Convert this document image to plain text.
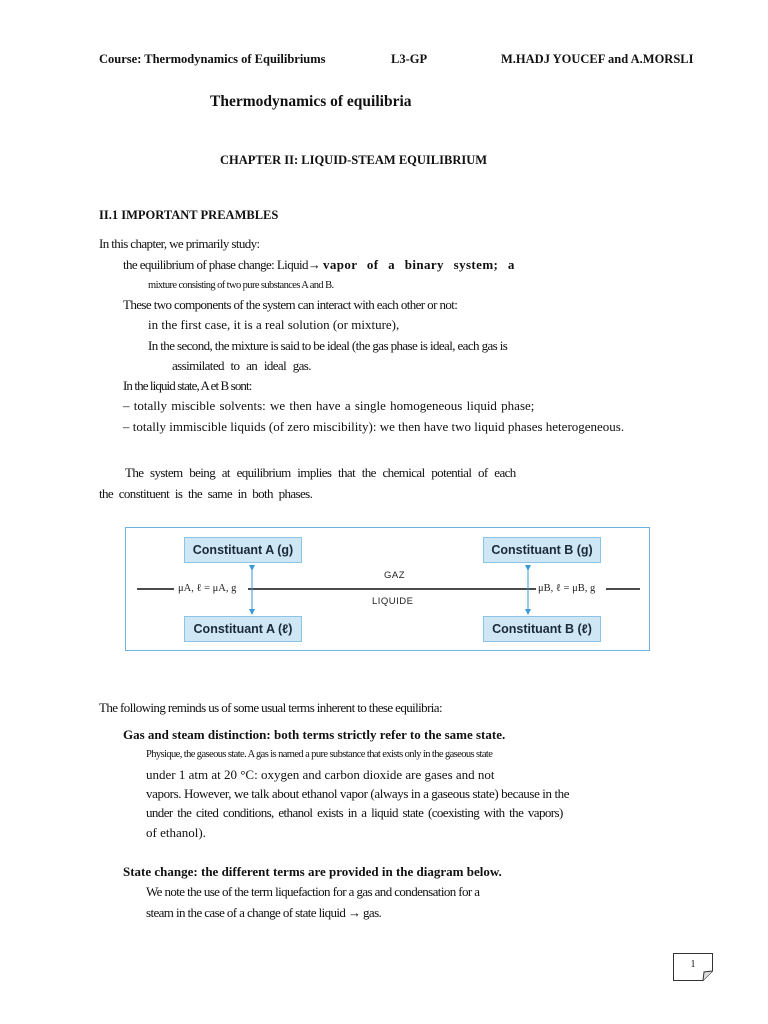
Course: Thermodynamics of Equilibriums	L3-GP	M.HADJ YOUCEF and A.MORSLI
Thermodynamics of equilibria
CHAPTER II: LIQUID-STEAM EQUILIBRIUM
II.1 IMPORTANT PREAMBLES
In this chapter, we primarily study:
the equilibrium of phase change: Liquid→ vapor of a binary system; a
mixture consisting of two pure substances A and B.
These two components of the system can interact with each other or not:
in the first case, it is a real solution (or mixture),
In the second, the mixture is said to be ideal (the gas phase is ideal, each gas is
assimilated to an ideal gas.
In the liquid state, A et B sont:
– totally miscible solvents: we then have a single homogeneous liquid phase;
– totally immiscible liquids (of zero miscibility): we then have two liquid phases heterogeneous.
The system being at equilibrium implies that the chemical potential of each
the constituent is the same in both phases.
Constituant A (g)	Constituant B (g)
Constituant A (ℓ)	Constituant B (ℓ)
GAZ
LIQUIDE
μA, ℓ = μA, g	μB, ℓ = μB, g
The following reminds us of some usual terms inherent to these equilibria:
Gas and steam distinction: both terms strictly refer to the same state.
Physique, the gaseous state. A gas is named a pure substance that exists only in the gaseous state
under 1 atm at 20 °C: oxygen and carbon dioxide are gases and not
vapors. However, we talk about ethanol vapor (always in a gaseous state) because in the
under the cited conditions, ethanol exists in a liquid state (coexisting with the vapors)
of ethanol).
State change: the different terms are provided in the diagram below.
We note the use of the term liquefaction for a gas and condensation for a
steam in the case of a change of state liquid → gas.
1
